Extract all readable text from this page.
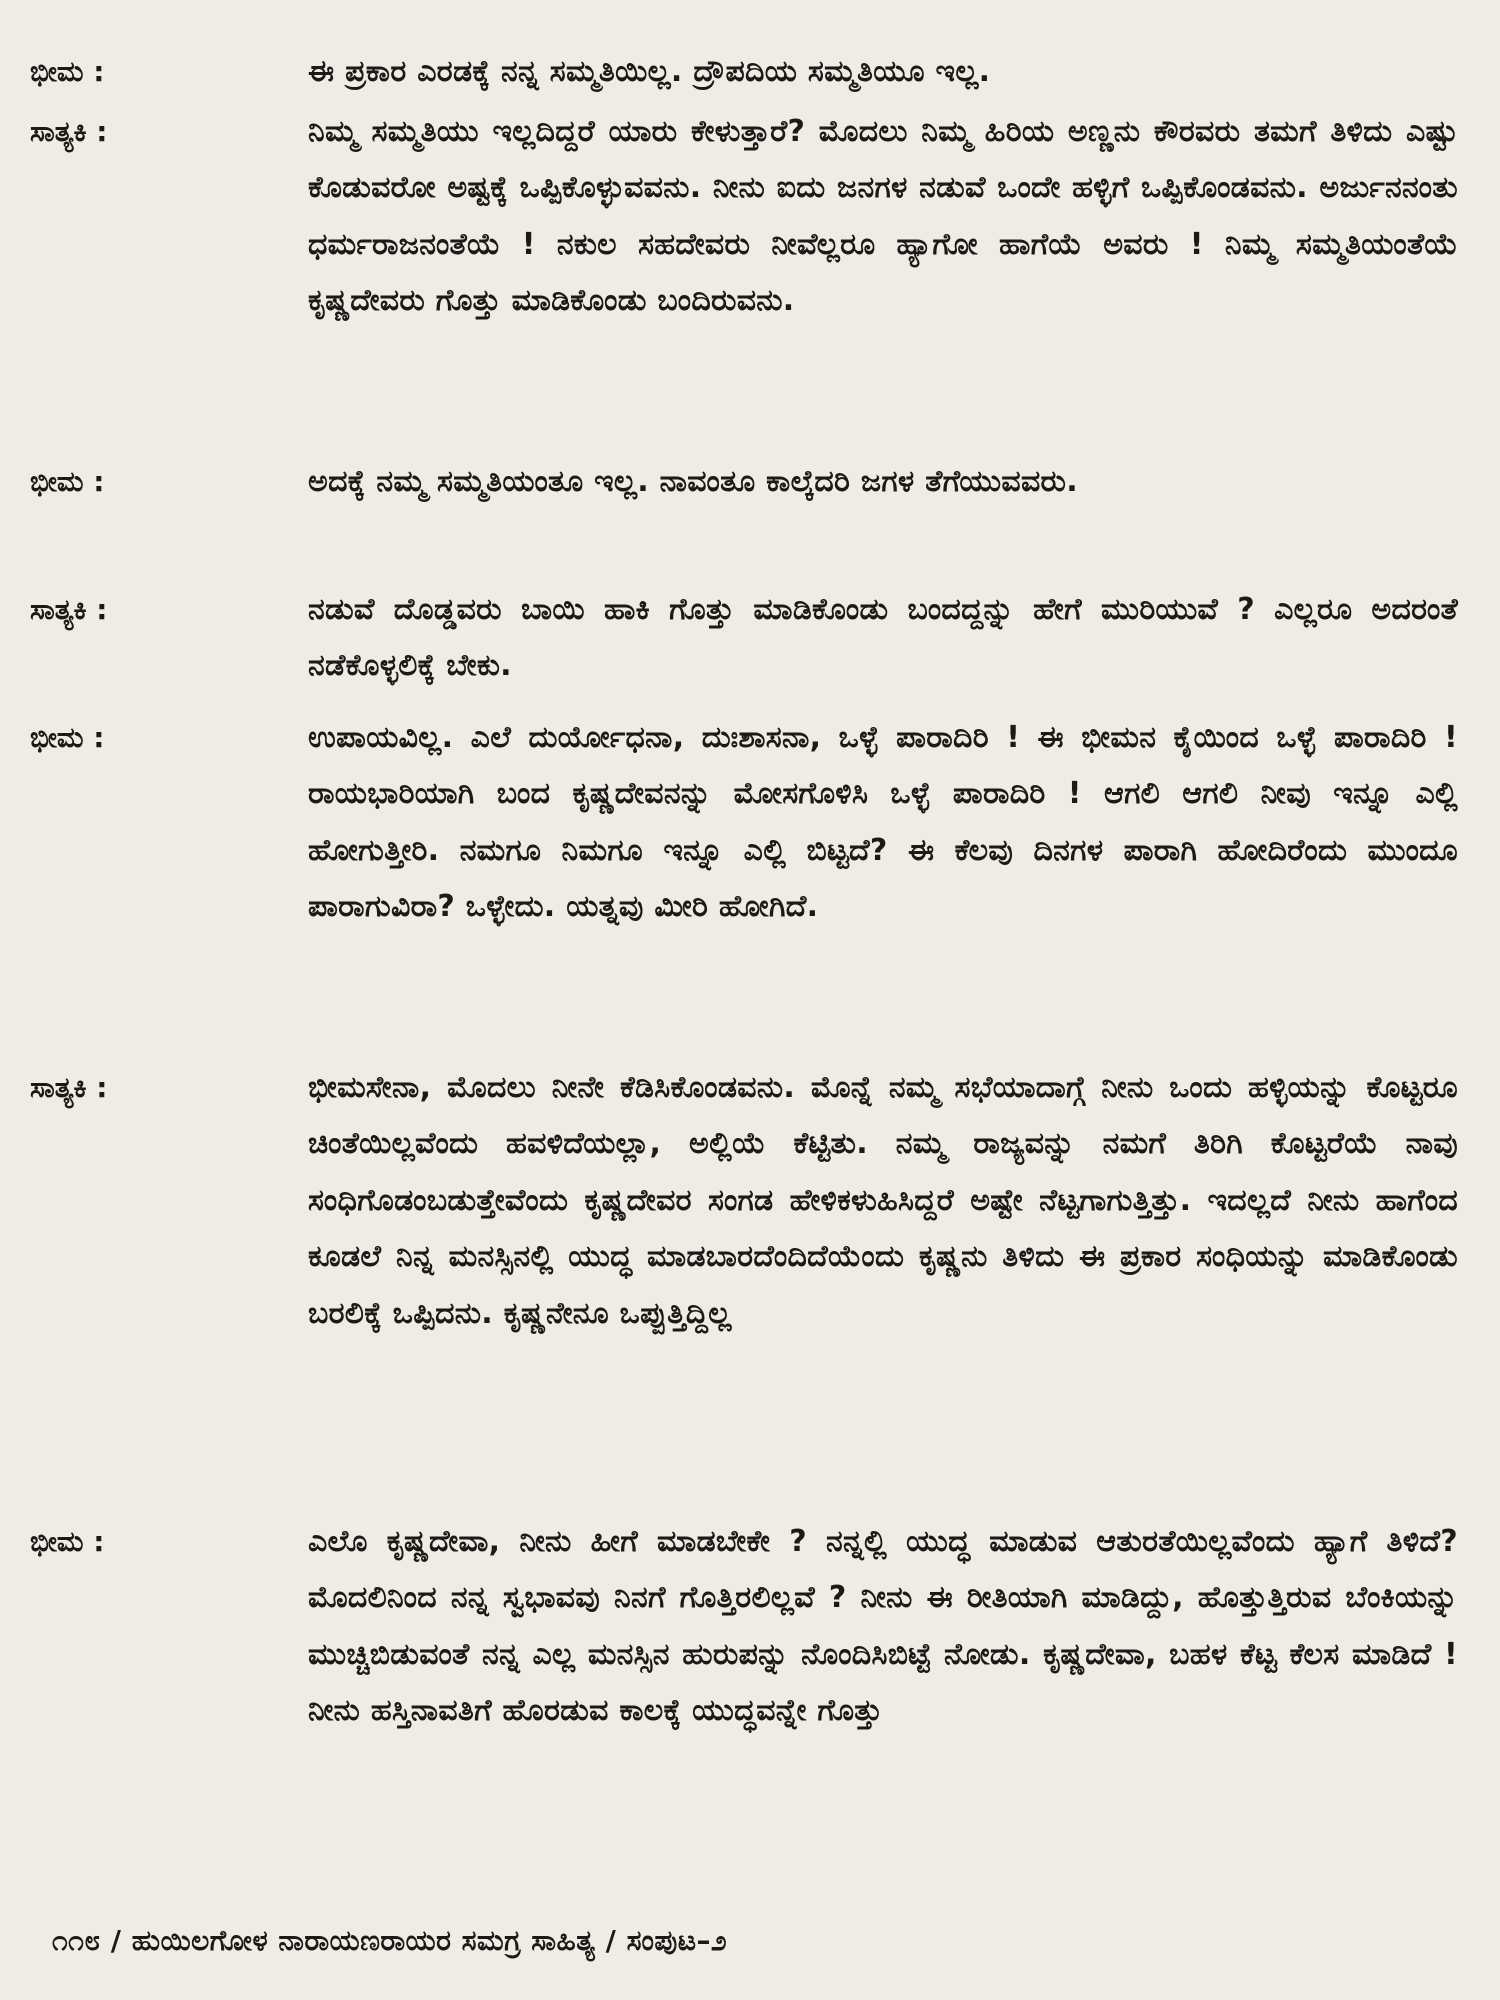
ಭೀಮ :	ಈ ಪ್ರಕಾರ ಎರಡಕ್ಕೆ ನನ್ನ ಸಮ್ಮತಿಯಿಲ್ಲ. ದ್ರೌಪದಿಯ ಸಮ್ಮತಿಯೂ ಇಲ್ಲ.
ಸಾತ್ಯಕಿ :	ನಿಮ್ಮ ಸಮ್ಮತಿಯು ಇಲ್ಲದಿದ್ದರೆ ಯಾರು ಕೇಳುತ್ತಾರೆ? ಮೊದಲು ನಿಮ್ಮ ಹಿರಿಯ ಅಣ್ಣನು ಕೌರವರು ತಮಗೆ ತಿಳಿದು ಎಷ್ಟು ಕೊಡುವರೋ ಅಷ್ಟಕ್ಕೆ ಒಪ್ಪಿಕೊಳ್ಳುವವನು. ನೀನು ಐದು ಜನಗಳ ನಡುವೆ ಒಂದೇ ಹಳ್ಳಿಗೆ ಒಪ್ಪಿಕೊಂಡವನು. ಅರ್ಜುನನಂತು ಧರ್ಮರಾಜನಂತೆಯೆ ! ನಕುಲ ಸಹದೇವರು ನೀವೆಲ್ಲರೂ ಹ್ಯಾಗೋ ಹಾಗೆಯೆ ಅವರು ! ನಿಮ್ಮ ಸಮ್ಮತಿಯಂತೆಯೆ ಕೃಷ್ಣದೇವರು ಗೊತ್ತು ಮಾಡಿಕೊಂಡು ಬಂದಿರುವನು.
ಭೀಮ :	ಅದಕ್ಕೆ ನಮ್ಮ ಸಮ್ಮತಿಯಂತೂ ಇಲ್ಲ. ನಾವಂತೂ ಕಾಲ್ಕೆದರಿ ಜಗಳ ತೆಗೆಯುವವರು.
ಸಾತ್ಯಕಿ :	ನಡುವೆ ದೊಡ್ಡವರು ಬಾಯಿ ಹಾಕಿ ಗೊತ್ತು ಮಾಡಿಕೊಂಡು ಬಂದದ್ದನ್ನು ಹೇಗೆ ಮುರಿಯುವೆ ? ಎಲ್ಲರೂ ಅದರಂತೆ ನಡೆಕೊಳ್ಳಲಿಕ್ಕೆ ಬೇಕು.
ಭೀಮ :	ಉಪಾಯವಿಲ್ಲ. ಎಲೆ ದುರ್ಯೋಧನಾ, ದುಃಶಾಸನಾ, ಒಳ್ಳೆ ಪಾರಾದಿರಿ ! ಈ ಭೀಮನ ಕೈಯಿಂದ ಒಳ್ಳೆ ಪಾರಾದಿರಿ ! ರಾಯಭಾರಿಯಾಗಿ ಬಂದ ಕೃಷ್ಣದೇವನನ್ನು ಮೋಸಗೊಳಿಸಿ ಒಳ್ಳೆ ಪಾರಾದಿರಿ ! ಆಗಲಿ ಆಗಲಿ ನೀವು ಇನ್ನೂ ಎಲ್ಲಿ ಹೋಗುತ್ತೀರಿ. ನಮಗೂ ನಿಮಗೂ ಇನ್ನೂ ಎಲ್ಲಿ ಬಿಟ್ಟದೆ? ಈ ಕೆಲವು ದಿನಗಳ ಪಾರಾಗಿ ಹೋದಿರೆಂದು ಮುಂದೂ ಪಾರಾಗುವಿರಾ? ಒಳ್ಳೇದು. ಯತ್ನವು ಮೀರಿ ಹೋಗಿದೆ.
ಸಾತ್ಯಕಿ :	ಭೀಮಸೇನಾ, ಮೊದಲು ನೀನೇ ಕೆಡಿಸಿಕೊಂಡವನು. ಮೊನ್ನೆ ನಮ್ಮ ಸಭೆಯಾದಾಗ್ಗೆ ನೀನು ಒಂದು ಹಳ್ಳಿಯನ್ನು ಕೊಟ್ಟರೂ ಚಿಂತೆಯಿಲ್ಲವೆಂದು ಹವಳಿದೆಯಲ್ಲಾ, ಅಲ್ಲಿಯೆ ಕೆಟ್ಟಿತು. ನಮ್ಮ ರಾಜ್ಯವನ್ನು ನಮಗೆ ತಿರಿಗಿ ಕೊಟ್ಟರೆಯೆ ನಾವು ಸಂಧಿಗೊಡಂಬಡುತ್ತೇವೆಂದು ಕೃಷ್ಣದೇವರ ಸಂಗಡ ಹೇಳಿಕಳುಹಿಸಿದ್ದರೆ ಅಷ್ಟೇ ನೆಟ್ಟಗಾಗುತ್ತಿತ್ತು. ಇದಲ್ಲದೆ ನೀನು ಹಾಗೆಂದ ಕೂಡಲೆ ನಿನ್ನ ಮನಸ್ಸಿನಲ್ಲಿ ಯುದ್ಧ ಮಾಡಬಾರದೆಂದಿದೆಯೆಂದು ಕೃಷ್ಣನು ತಿಳಿದು ಈ ಪ್ರಕಾರ ಸಂಧಿಯನ್ನು ಮಾಡಿಕೊಂಡು ಬರಲಿಕ್ಕೆ ಒಪ್ಪಿದನು. ಕೃಷ್ಣನೇನೂ ಒಪ್ಪುತ್ತಿದ್ದಿಲ್ಲ
ಭೀಮ :	ಎಲೊ ಕೃಷ್ಣದೇವಾ, ನೀನು ಹೀಗೆ ಮಾಡಬೇಕೇ ? ನನ್ನಲ್ಲಿ ಯುದ್ಧ ಮಾಡುವ ಆತುರತೆಯಿಲ್ಲವೆಂದು ಹ್ಯಾಗೆ ತಿಳಿದೆ? ಮೊದಲಿನಿಂದ ನನ್ನ ಸ್ವಭಾವವು ನಿನಗೆ ಗೊತ್ತಿರಲಿಲ್ಲವೆ ? ನೀನು ಈ ರೀತಿಯಾಗಿ ಮಾಡಿದ್ದು, ಹೊತ್ತುತ್ತಿರುವ ಬೆಂಕಿಯನ್ನು ಮುಚ್ಚಿಬಿಡುವಂತೆ ನನ್ನ ಎಲ್ಲ ಮನಸ್ಸಿನ ಹುರುಪನ್ನು ನೊಂದಿಸಿಬಿಟ್ಟೆ ನೋಡು. ಕೃಷ್ಣದೇವಾ, ಬಹಳ ಕೆಟ್ಟ ಕೆಲಸ ಮಾಡಿದೆ ! ನೀನು ಹಸ್ತಿನಾವತಿಗೆ ಹೊರಡುವ ಕಾಲಕ್ಕೆ ಯುದ್ಧವನ್ನೇ ಗೊತ್ತು
೧೧೮ / ಹುಯಿಲಗೋಳ ನಾರಾಯಣರಾಯರ ಸಮಗ್ರ ಸಾಹಿತ್ಯ / ಸಂಪುಟ–೨
